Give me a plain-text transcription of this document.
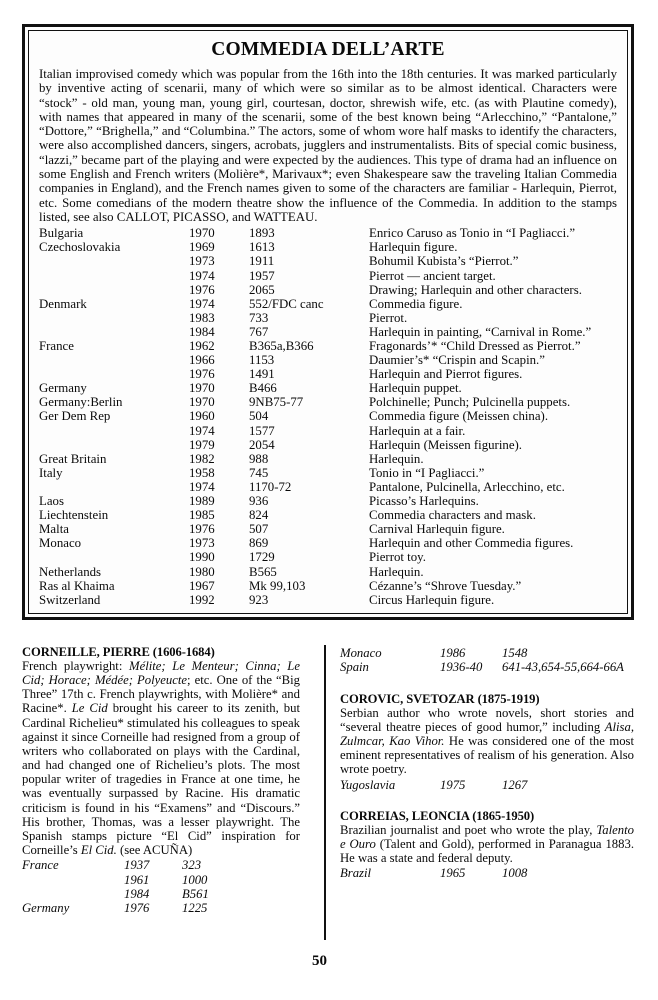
COMMEDIA DELL’ARTE

Italian improvised comedy which was popular from the 16th into the 18th centuries. It was marked particularly by inventive acting of scenarii, many of which were so similar as to be almost identical. Characters were “stock” - old man, young man, young girl, courtesan, doctor, shrewish wife, etc. (as with Plautine comedy), with names that appeared in many of the scenarii, some of the best known being “Arlecchino,” “Pantalone,” “Dottore,” “Brighella,” and “Columbina.” The actors, some of whom wore half masks to identify the characters, were also accomplished dancers, singers, acrobats, jugglers and instrumentalists. Bits of special comic business, “lazzi,” became part of the playing and were expected by the audiences. This type of drama had an influence on some English and French writers (Molière*, Marivaux*; even Shakespeare saw the traveling Italian Commedia companies in England), and the French names given to some of the characters are familiar - Harlequin, Pierrot, etc. Some comedians of the modern theatre show the influence of the Commedia. In addition to the stamps listed, see also CALLOT, PICASSO, and WATTEAU.

Bulgaria	1970	1893	Enrico Caruso as Tonio in “I Pagliacci.”
Czechoslovakia	1969	1613	Harlequin figure.
	1973	1911	Bohumil Kubista’s “Pierrot.”
	1974	1957	Pierrot — ancient target.
	1976	2065	Drawing; Harlequin and other characters.
Denmark	1974	552/FDC canc	Commedia figure.
	1983	733	Pierrot.
	1984	767	Harlequin in painting, “Carnival in Rome.”
France	1962	B365a,B366	Fragonards’* “Child Dressed as Pierrot.”
	1966	1153	Daumier’s* “Crispin and Scapin.”
	1976	1491	Harlequin and Pierrot figures.
Germany	1970	B466	Harlequin puppet.
Germany:Berlin	1970	9NB75-77	Polchinelle; Punch; Pulcinella puppets.
Ger Dem Rep	1960	504	Commedia figure (Meissen china).
	1974	1577	Harlequin at a fair.
	1979	2054	Harlequin (Meissen figurine).
Great Britain	1982	988	Harlequin.
Italy	1958	745	Tonio in “I Pagliacci.”
	1974	1170-72	Pantalone, Pulcinella, Arlecchino, etc.
Laos	1989	936	Picasso’s Harlequins.
Liechtenstein	1985	824	Commedia characters and mask.
Malta	1976	507	Carnival Harlequin figure.
Monaco	1973	869	Harlequin and other Commedia figures.
	1990	1729	Pierrot toy.
Netherlands	1980	B565	Harlequin.
Ras al Khaima	1967	Mk 99,103	Cézanne’s “Shrove Tuesday.”
Switzerland	1992	923	Circus Harlequin figure.
CORNEILLE, PIERRE (1606-1684)

French playwright: Mélite; Le Menteur; Cinna; Le Cid; Horace; Médée; Polyeucte; etc. One of the “Big Three” 17th c. French playwrights, with Molière* and Racine*. Le Cid brought his career to its zenith, but Cardinal Richelieu* stimulated his colleagues to speak against it since Corneille had resigned from a group of writers who collaborated on plays with the Cardinal, and had changed one of Richelieu’s plots. The most popular writer of tragedies in France at one time, he was eventually surpassed by Racine. His dramatic criticism is found in his “Examens” and “Discours.” His brother, Thomas, was a lesser playwright. The Spanish stamps picture “El Cid” inspiration for Corneille’s El Cid. (see ACUÑA)

France	1937	323
	1961	1000
	1984	B561
Germany	1976	1225
Monaco	1986	1548
Spain	1936-40	641-43,654-55,664-66A
COROVIC, SVETOZAR (1875-1919)

Serbian author who wrote novels, short stories and “several theatre pieces of good humor,” including Alisa, Zulmcar, Kao Vihor. He was considered one of the most eminent representatives of realism of his generation. Also wrote poetry.

Yugoslavia	1975	1267
CORREIAS, LEONCIA (1865-1950)

Brazilian journalist and poet who wrote the play, Talento e Ouro (Talent and Gold), performed in Paranagua 1883. He was a state and federal deputy.

Brazil	1965	1008
50
